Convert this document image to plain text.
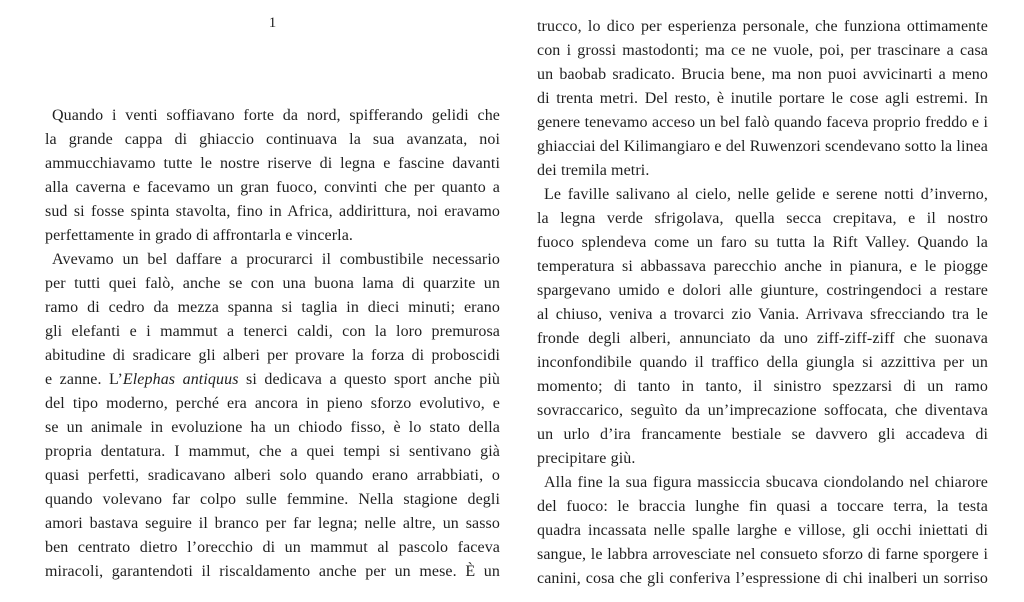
1
Quando i venti soffiavano forte da nord, spifferando gelidi che
la grande cappa di ghiaccio continuava la sua avanzata, noi
ammucchiavamo tutte le nostre riserve di legna e fascine davanti
alla caverna e facevamo un gran fuoco, convinti che per quanto a
sud si fosse spinta stavolta, fino in Africa, addirittura, noi eravamo
perfettamente in grado di affrontarla e vincerla.
Avevamo un bel daffare a procurarci il combustibile necessario
per tutti quei falò, anche se con una buona lama di quarzite un
ramo di cedro da mezza spanna si taglia in dieci minuti; erano
gli elefanti e i mammut a tenerci caldi, con la loro premurosa
abitudine di sradicare gli alberi per provare la forza di proboscidi
e zanne. L’Elephas antiquus si dedicava a questo sport anche più
del tipo moderno, perché era ancora in pieno sforzo evolutivo, e
se un animale in evoluzione ha un chiodo fisso, è lo stato della
propria dentatura. I mammut, che a quei tempi si sentivano già
quasi perfetti, sradicavano alberi solo quando erano arrabbiati, o
quando volevano far colpo sulle femmine. Nella stagione degli
amori bastava seguire il branco per far legna; nelle altre, un sasso
ben centrato dietro l’orecchio di un mammut al pascolo faceva
miracoli, garantendoti il riscaldamento anche per un mese. È un
trucco, lo dico per esperienza personale, che funziona ottimamente
con i grossi mastodonti; ma ce ne vuole, poi, per trascinare a casa
un baobab sradicato. Brucia bene, ma non puoi avvicinarti a meno
di trenta metri. Del resto, è inutile portare le cose agli estremi. In
genere tenevamo acceso un bel falò quando faceva proprio freddo e i
ghiacciai del Kilimangiaro e del Ruwenzori scendevano sotto la linea
dei tremila metri.
Le faville salivano al cielo, nelle gelide e serene notti d’inverno,
la legna verde sfrigolava, quella secca crepitava, e il nostro
fuoco splendeva come un faro su tutta la Rift Valley. Quando la
temperatura si abbassava parecchio anche in pianura, e le piogge
spargevano umido e dolori alle giunture, costringendoci a restare
al chiuso, veniva a trovarci zio Vania. Arrivava sfrecciando tra le
fronde degli alberi, annunciato da uno ziff-ziff-ziff che suonava
inconfondibile quando il traffico della giungla si azzittiva per un
momento; di tanto in tanto, il sinistro spezzarsi di un ramo
sovraccarico, seguìto da un’imprecazione soffocata, che diventava
un urlo d’ira francamente bestiale se davvero gli accadeva di
precipitare giù.
Alla fine la sua figura massiccia sbucava ciondolando nel chiarore
del fuoco: le braccia lunghe fin quasi a toccare terra, la testa
quadra incassata nelle spalle larghe e villose, gli occhi iniettati di
sangue, le labbra arrovesciate nel consueto sforzo di farne sporgere i
canini, cosa che gli conferiva l’espressione di chi inalberi un sorriso
